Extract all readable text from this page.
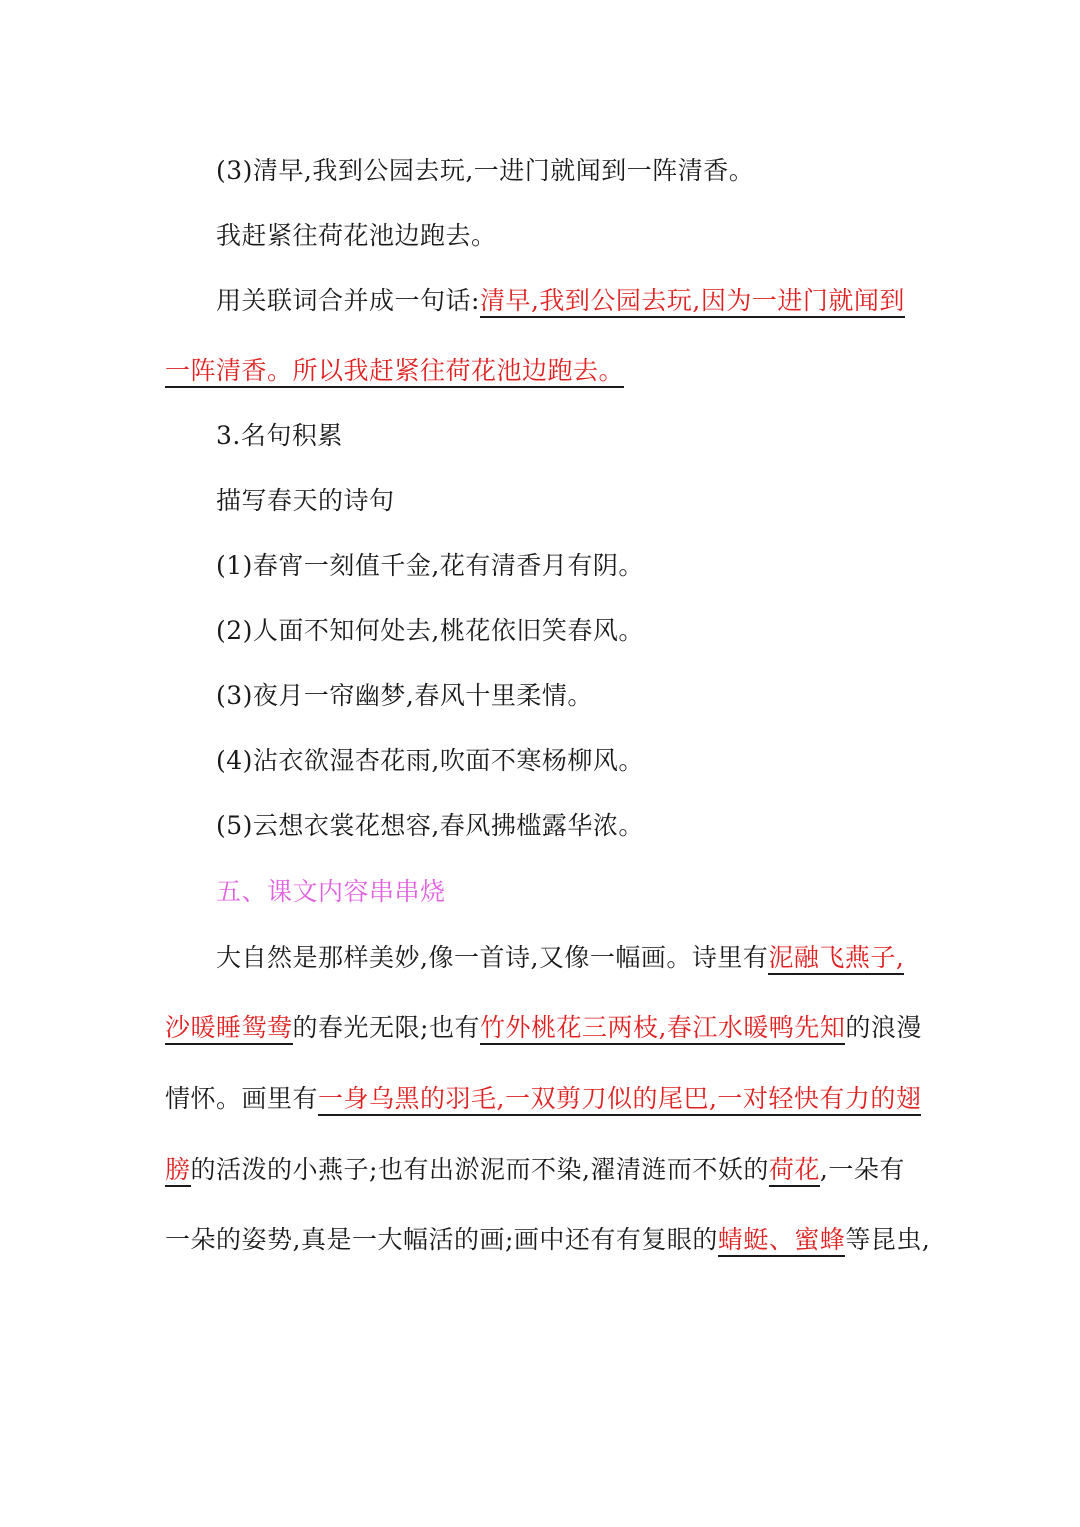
(3)清早,我到公园去玩,一进门就闻到一阵清香。
我赶紧往荷花池边跑去。
用关联词合并成一句话:清早,我到公园去玩,因为一进门就闻到
一阵清香。所以我赶紧往荷花池边跑去。
3.名句积累
描写春天的诗句
(1)春宵一刻值千金,花有清香月有阴。
(2)人面不知何处去,桃花依旧笑春风。
(3)夜月一帘幽梦,春风十里柔情。
(4)沾衣欲湿杏花雨,吹面不寒杨柳风。
(5)云想衣裳花想容,春风拂槛露华浓。
五、课文内容串串烧
大自然是那样美妙,像一首诗,又像一幅画。诗里有泥融飞燕子,
沙暖睡鸳鸯的春光无限;也有竹外桃花三两枝,春江水暖鸭先知的浪漫
情怀。画里有一身乌黑的羽毛,一双剪刀似的尾巴,一对轻快有力的翅
膀的活泼的小燕子;也有出淤泥而不染,濯清涟而不妖的荷花,一朵有
一朵的姿势,真是一大幅活的画;画中还有有复眼的蜻蜓、蜜蜂等昆虫,
